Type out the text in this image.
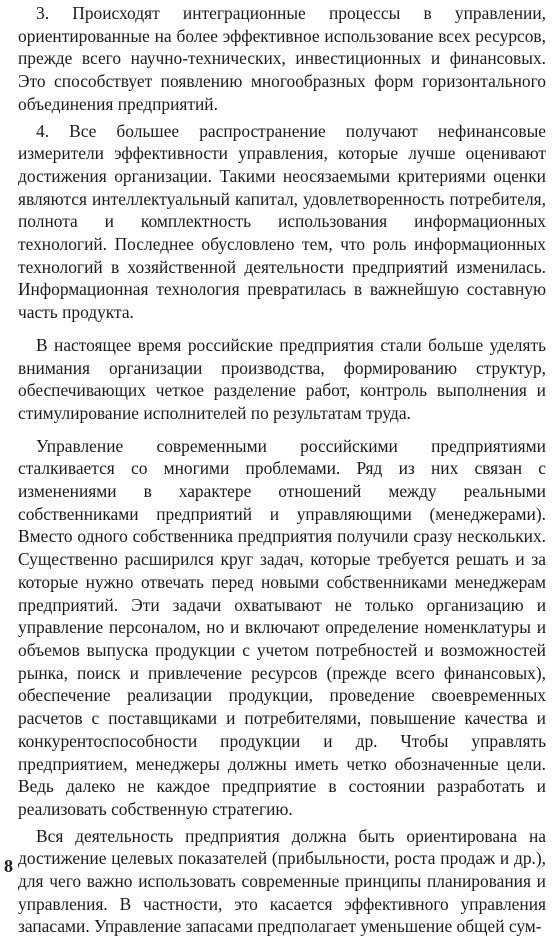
3. Происходят интеграционные процессы в управлении, ориентированные на более эффективное использование всех ресурсов, прежде всего научно-технических, инвестиционных и финансовых. Это способствует появлению многообразных форм горизонтального объединения предприятий.

4. Все большее распространение получают нефинансовые измерители эффективности управления, которые лучше оценивают достижения организации. Такими неосязаемыми критериями оценки являются интеллектуальный капитал, удовлетворенность потребителя, полнота и комплектность использования информационных технологий. Последнее обусловлено тем, что роль информационных технологий в хозяйственной деятельности предприятий изменилась. Информационная технология превратилась в важнейшую составную часть продукта.

В настоящее время российские предприятия стали больше уделять внимания организации производства, формированию структур, обеспечивающих четкое разделение работ, контроль выполнения и стимулирование исполнителей по результатам труда.

Управление современными российскими предприятиями сталкивается со многими проблемами. Ряд из них связан с изменениями в характере отношений между реальными собственниками предприятий и управляющими (менеджерами). Вместо одного собственника предприятия получили сразу нескольких. Существенно расширился круг задач, которые требуется решать и за которые нужно отвечать перед новыми собственниками менеджерам предприятий. Эти задачи охватывают не только организацию и управление персоналом, но и включают определение номенклатуры и объемов выпуска продукции с учетом потребностей и возможностей рынка, поиск и привлечение ресурсов (прежде всего финансовых), обеспечение реализации продукции, проведение своевременных расчетов с поставщиками и потребителями, повышение качества и конкурентоспособности продукции и др. Чтобы управлять предприятием, менеджеры должны иметь четко обозначенные цели. Ведь далеко не каждое предприятие в состоянии разработать и реализовать собственную стратегию.

Вся деятельность предприятия должна быть ориентирована на достижение целевых показателей (прибыльности, роста продаж и др.), для чего важно использовать современные принципы планирования и управления. В частности, это касается эффективного управления запасами. Управление запасами предполагает уменьшение общей сум-

8
